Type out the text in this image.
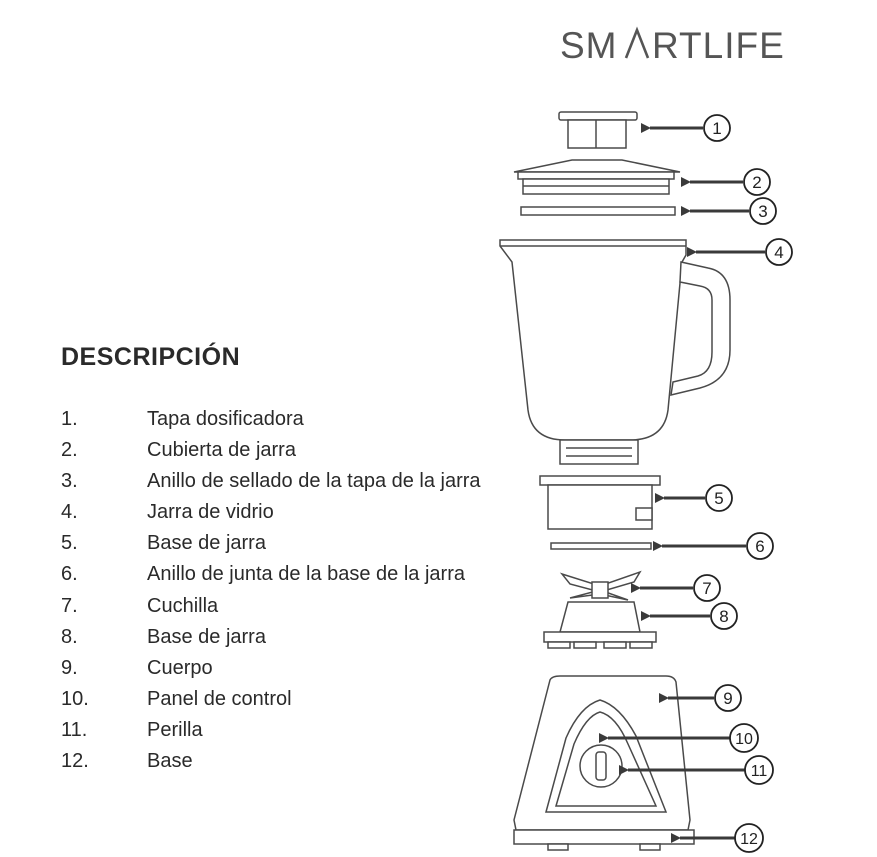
SM RTLIFE
DESCRIPCIÓN
1.	Tapa dosificadora
2.	Cubierta de jarra
3.	Anillo de sellado de la tapa de la jarra
4.	Jarra de vidrio
5.	Base de jarra
6.	Anillo de junta de la base de la jarra
7.	Cuchilla
8.	Base de jarra
9.	Cuerpo
10.	Panel de control
11.	Perilla
12.	Base
1
2
3
4
5
6
7
8
9
10
11
12
